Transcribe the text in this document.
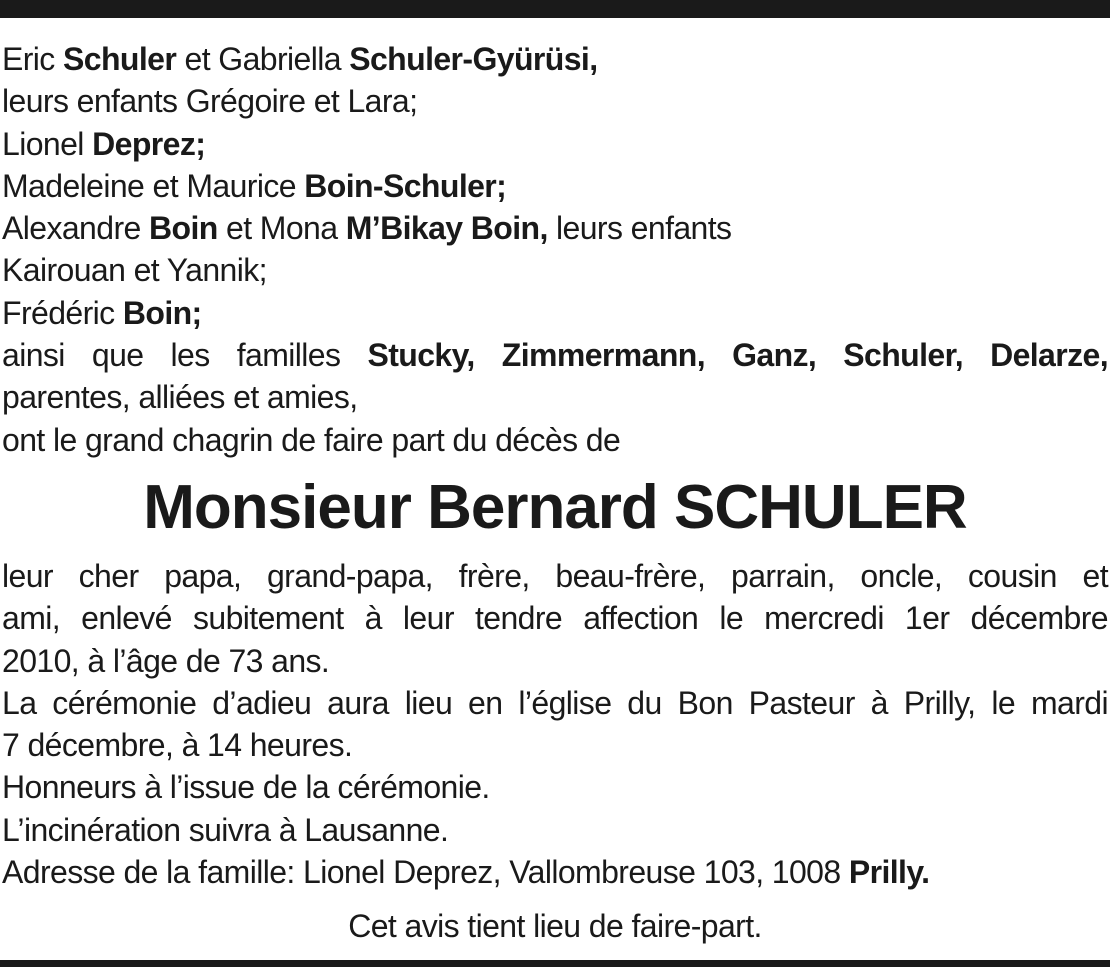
Eric Schuler et Gabriella Schuler-Gyürüsi,
leurs enfants Grégoire et Lara;
Lionel Deprez;
Madeleine et Maurice Boin-Schuler;
Alexandre Boin et Mona M’Bikay Boin, leurs enfants
Kairouan et Yannik;
Frédéric Boin;
ainsi que les familles Stucky, Zimmermann, Ganz, Schuler, Delarze,
parentes, alliées et amies,
ont le grand chagrin de faire part du décès de
Monsieur Bernard SCHULER
leur cher papa, grand-papa, frère, beau-frère, parrain, oncle, cousin et
ami, enlevé subitement à leur tendre affection le mercredi 1er décembre
2010, à l’âge de 73 ans.
La cérémonie d’adieu aura lieu en l’église du Bon Pasteur à Prilly, le mardi
7 décembre, à 14 heures.
Honneurs à l’issue de la cérémonie.
L’incinération suivra à Lausanne.
Adresse de la famille: Lionel Deprez, Vallombreuse 103, 1008 Prilly.
Cet avis tient lieu de faire-part.
